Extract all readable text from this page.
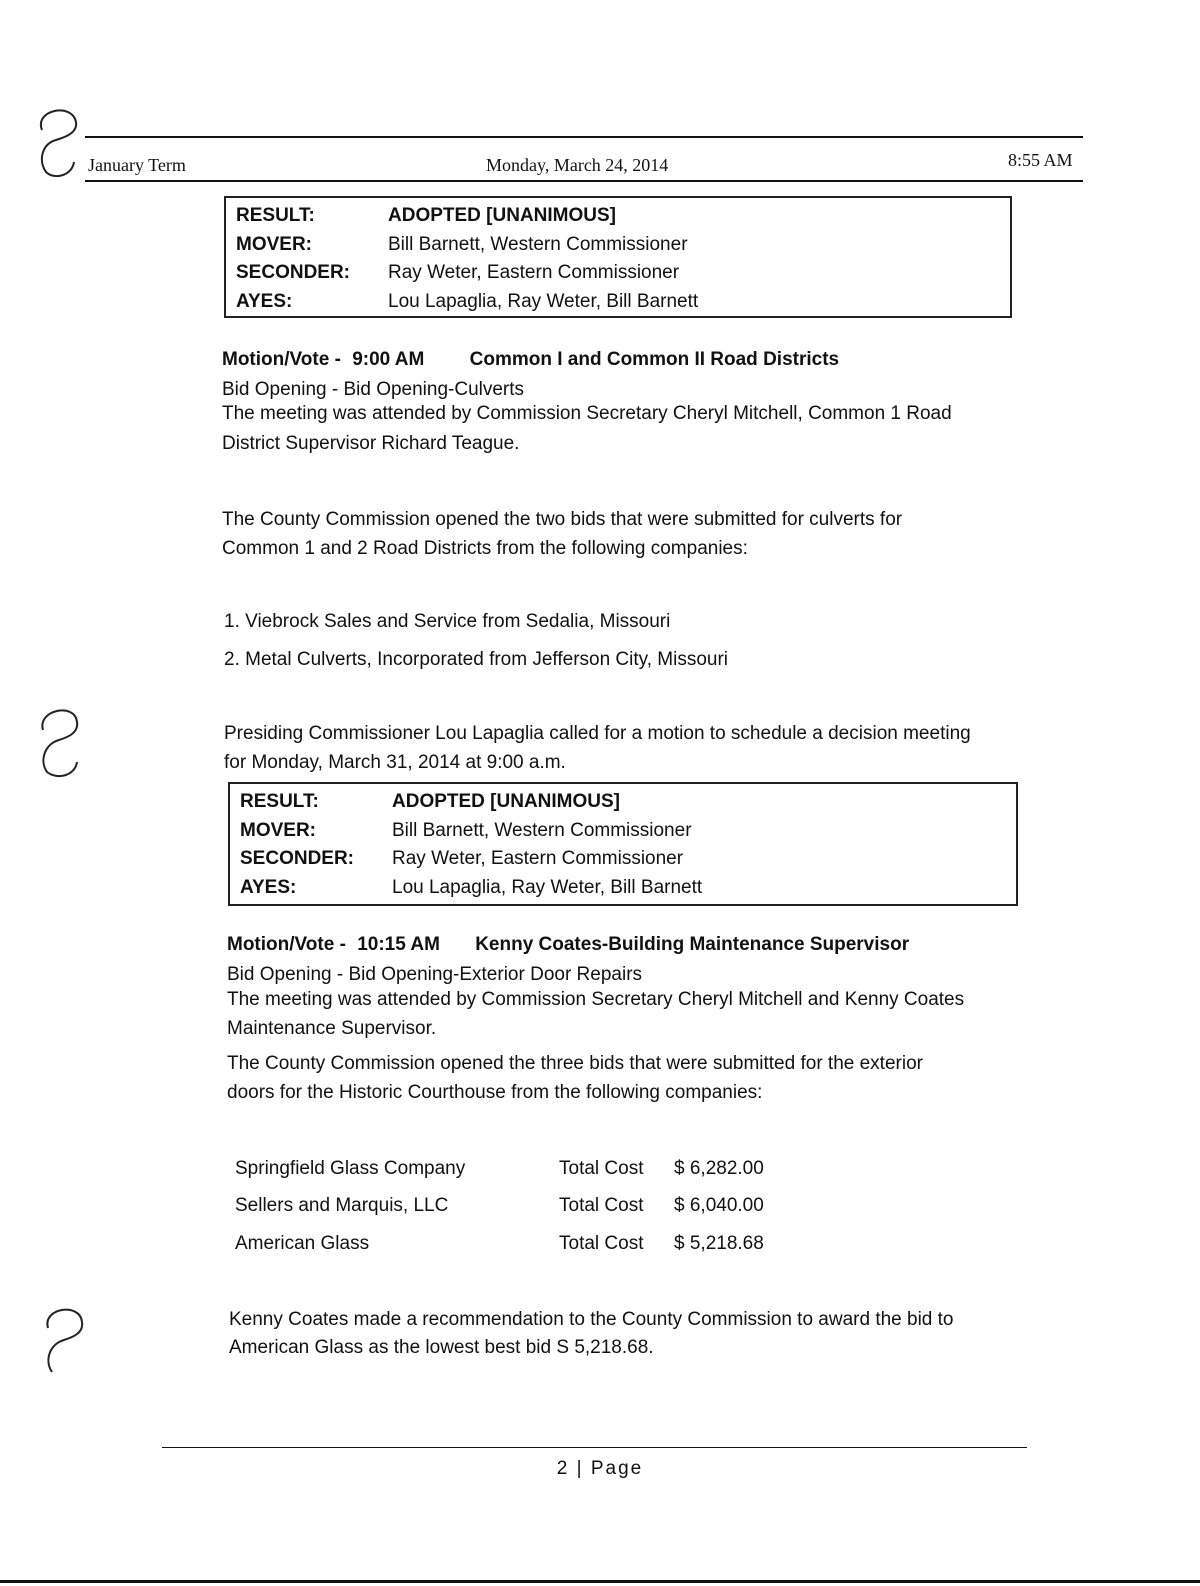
January Term	Monday, March 24, 2014	8:55 AM
RESULT:	ADOPTED [UNANIMOUS]
MOVER:	Bill Barnett, Western Commissioner
SECONDER:	Ray Weter, Eastern Commissioner
AYES:	Lou Lapaglia, Ray Weter, Bill Barnett
Motion/Vote - 9:00 AM Common I and Common II Road Districts
Bid Opening - Bid Opening-Culverts
The meeting was attended by Commission Secretary Cheryl Mitchell, Common 1 Road
District Supervisor Richard Teague.
The County Commission opened the two bids that were submitted for culverts for
Common 1 and 2 Road Districts from the following companies:
1. Viebrock Sales and Service from Sedalia, Missouri
2. Metal Culverts, Incorporated from Jefferson City, Missouri
Presiding Commissioner Lou Lapaglia called for a motion to schedule a decision meeting
for Monday, March 31, 2014 at 9:00 a.m.
RESULT:	ADOPTED [UNANIMOUS]
MOVER:	Bill Barnett, Western Commissioner
SECONDER:	Ray Weter, Eastern Commissioner
AYES:	Lou Lapaglia, Ray Weter, Bill Barnett
Motion/Vote - 10:15 AM Kenny Coates-Building Maintenance Supervisor
Bid Opening - Bid Opening-Exterior Door Repairs
The meeting was attended by Commission Secretary Cheryl Mitchell and Kenny Coates
Maintenance Supervisor.
The County Commission opened the three bids that were submitted for the exterior
doors for the Historic Courthouse from the following companies:
Springfield Glass Company	Total Cost $ 6,282.00
Sellers and Marquis, LLC	Total Cost $ 6,040.00
American Glass	Total Cost $ 5,218.68
Kenny Coates made a recommendation to the County Commission to award the bid to
American Glass as the lowest best bid S 5,218.68.
2 | Page
